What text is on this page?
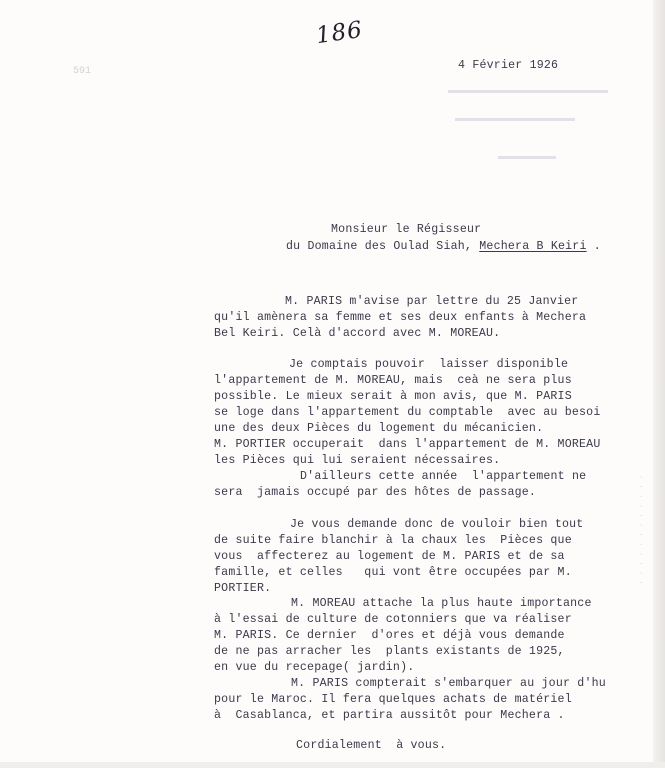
591
. . . . . . . . . . . .
186
4 Février 1926
Monsieur le Régisseur
du Domaine des Oulad Siah, Mechera B Keiri .
M. PARIS m'avise par lettre du 25 Janvier
qu'il amènera sa femme et ses deux enfants à Mechera
Bel Keiri. Celà d'accord avec M. MOREAU.
Je comptais pouvoir  laisser disponible
l'appartement de M. MOREAU, mais  ceà ne sera plus
possible. Le mieux serait à mon avis, que M. PARIS
se loge dans l'appartement du comptable  avec au besoi
une des deux Pièces du logement du mécanicien.
M. PORTIER occuperait  dans l'appartement de M. MOREAU
les Pièces qui lui seraient nécessaires.
D'ailleurs cette année  l'appartement ne
sera  jamais occupé par des hôtes de passage.
Je vous demande donc de vouloir bien tout
de suite faire blanchir à la chaux les  Pièces que
vous  affecterez au logement de M. PARIS et de sa
famille, et celles   qui vont être occupées par M.
PORTIER.
M. MOREAU attache la plus haute importance
à l'essai de culture de cotonniers que va réaliser
M. PARIS. Ce dernier  d'ores et déjà vous demande
de ne pas arracher les  plants existants de 1925,
en vue du recepage( jardin).
M. PARIS compterait s'embarquer au jour d'hu
pour le Maroc. Il fera quelques achats de matériel
à  Casablanca, et partira aussitôt pour Mechera .
Cordialement  à vous.
